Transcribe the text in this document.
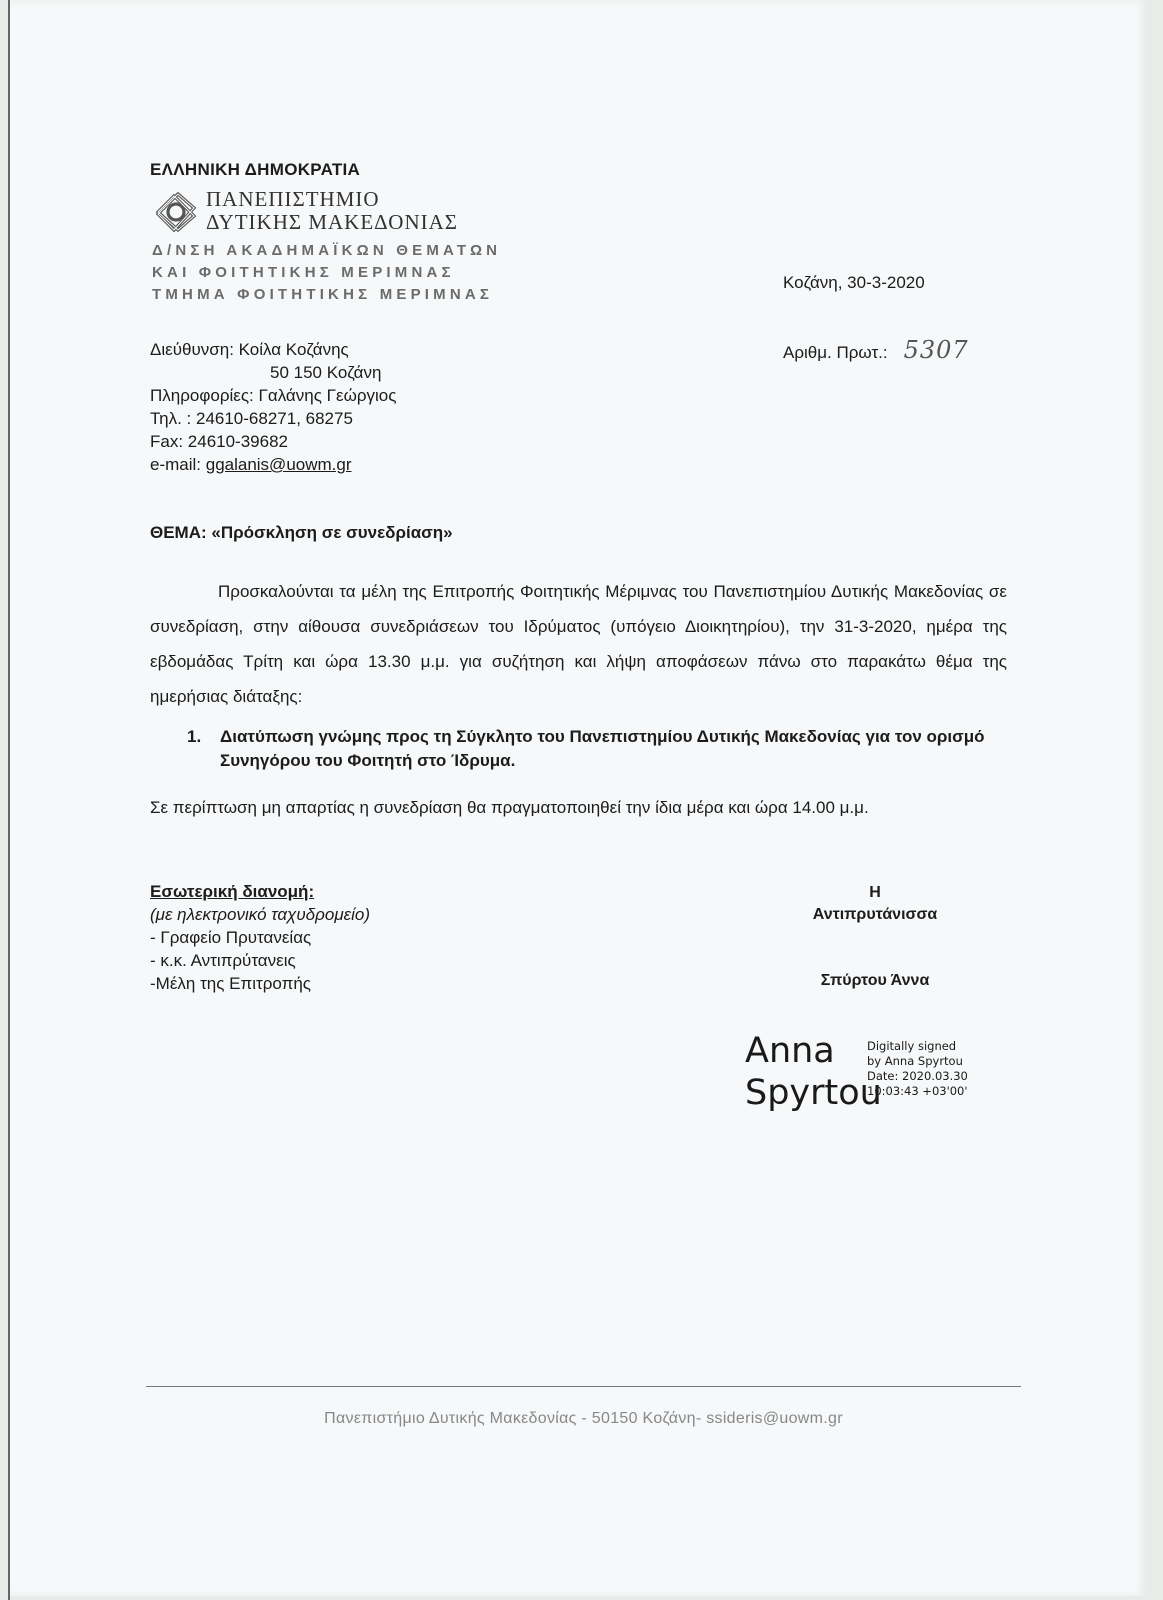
ΕΛΛΗΝΙΚΗ ΔΗΜΟΚΡΑΤΙΑ
ΠΑΝΕΠΙΣΤΗΜΙΟ
ΔΥΤΙΚΗΣ ΜΑΚΕΔΟΝΙΑΣ
Δ/ΝΣΗ ΑΚΑΔΗΜΑΪΚΩΝ ΘΕΜΑΤΩΝ
ΚΑΙ ΦΟΙΤΗΤΙΚΗΣ ΜΕΡΙΜΝΑΣ
ΤΜΗΜΑ ΦΟΙΤΗΤΙΚΗΣ ΜΕΡΙΜΝΑΣ
Κοζάνη, 30-3-2020
Αριθμ. Πρωτ.: 5307
Διεύθυνση: Κοίλα Κοζάνης
50 150 Κοζάνη
Πληροφορίες: Γαλάνης Γεώργιος
Τηλ. : 24610-68271, 68275
Fax: 24610-39682
e-mail: ggalanis@uowm.gr
ΘΕΜΑ: «Πρόσκληση σε συνεδρίαση»

Προσκαλούνται τα μέλη της Επιτροπής Φοιτητικής Μέριμνας του Πανεπιστημίου Δυτικής Μακεδονίας σε συνεδρίαση, στην αίθουσα συνεδριάσεων του Ιδρύματος (υπόγειο Διοικητηρίου), την 31-3-2020, ημέρα της εβδομάδας Τρίτη και ώρα 13.30 μ.μ. για συζήτηση και λήψη αποφάσεων πάνω στο παρακάτω θέμα της ημερήσιας διάταξης:

1.	Διατύπωση γνώμης προς τη Σύγκλητο του Πανεπιστημίου Δυτικής Μακεδονίας για τον ορισμό Συνηγόρου του Φοιτητή στο Ίδρυμα.
Σε περίπτωση μη απαρτίας η συνεδρίαση θα πραγματοποιηθεί την ίδια μέρα και ώρα 14.00 μ.μ.
Εσωτερική διανομή:
(με ηλεκτρονικό ταχυδρομείο)
- Γραφείο Πρυτανείας
- κ.κ. Αντιπρύτανεις
-Μέλη της Επιτροπής
Η
Αντιπρυτάνισσα
Σπύρτου Άννα
Anna
Spyrtou
Digitally signed
by Anna Spyrtou
Date: 2020.03.30
10:03:43 +03'00'
Πανεπιστήμιο Δυτικής Μακεδονίας - 50150 Κοζάνη- ssideris@uowm.gr
